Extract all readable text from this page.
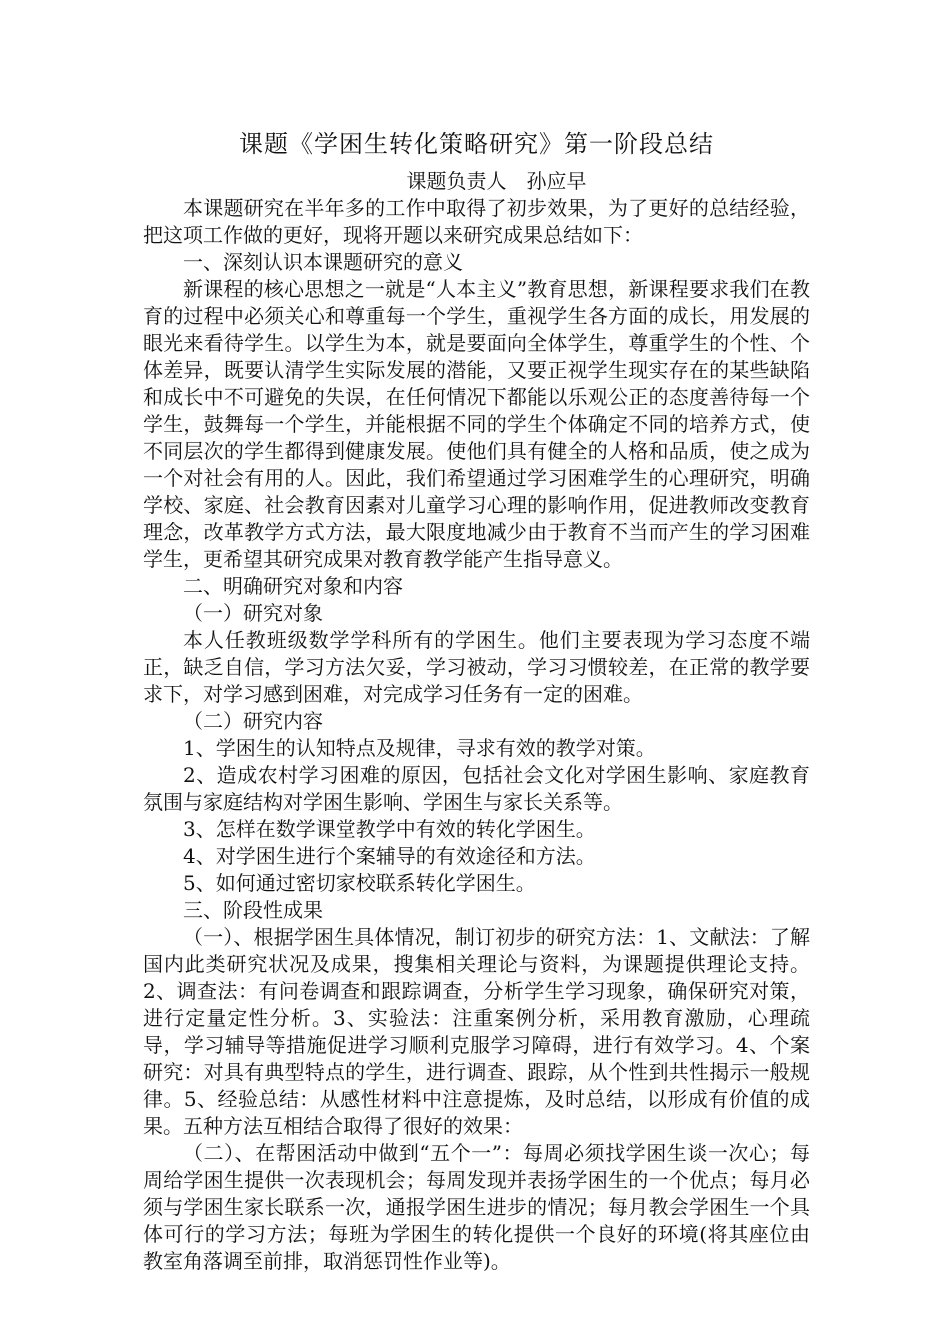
课题《学困生转化策略研究》第一阶段总结
课题负责人　孙应早

本课题研究在半年多的工作中取得了初步效果，为了更好的总结经验，把这项工作做的更好，现将开题以来研究成果总结如下：

一、深刻认识本课题研究的意义

新课程的核心思想之一就是“人本主义”教育思想，新课程要求我们在教育的过程中必须关心和尊重每一个学生，重视学生各方面的成长，用发展的眼光来看待学生。以学生为本，就是要面向全体学生，尊重学生的个性、个体差异，既要认清学生实际发展的潜能，又要正视学生现实存在的某些缺陷和成长中不可避免的失误，在任何情况下都能以乐观公正的态度善待每一个学生，鼓舞每一个学生，并能根据不同的学生个体确定不同的培养方式，使不同层次的学生都得到健康发展。使他们具有健全的人格和品质，使之成为一个对社会有用的人。因此，我们希望通过学习困难学生的心理研究，明确学校、家庭、社会教育因素对儿童学习心理的影响作用，促进教师改变教育理念，改革教学方式方法，最大限度地减少由于教育不当而产生的学习困难学生，更希望其研究成果对教育教学能产生指导意义。

二、明确研究对象和内容

（一）研究对象

本人任教班级数学学科所有的学困生。他们主要表现为学习态度不端正，缺乏自信，学习方法欠妥，学习被动，学习习惯较差，在正常的教学要求下，对学习感到困难，对完成学习任务有一定的困难。

（二）研究内容

1、学困生的认知特点及规律，寻求有效的教学对策。

2、造成农村学习困难的原因，包括社会文化对学困生影响、家庭教育氛围与家庭结构对学困生影响、学困生与家长关系等。

3、怎样在数学课堂教学中有效的转化学困生。

4、对学困生进行个案辅导的有效途径和方法。

5、如何通过密切家校联系转化学困生。

三、阶段性成果

（一）、根据学困生具体情况，制订初步的研究方法：1、文献法：了解国内此类研究状况及成果，搜集相关理论与资料，为课题提供理论支持。2、调查法：有问卷调查和跟踪调查，分析学生学习现象，确保研究对策，进行定量定性分析。3、实验法：注重案例分析，采用教育激励，心理疏导，学习辅导等措施促进学习顺利克服学习障碍，进行有效学习。4、个案研究：对具有典型特点的学生，进行调查、跟踪，从个性到共性揭示一般规律。5、经验总结：从感性材料中注意提炼，及时总结，以形成有价值的成果。五种方法互相结合取得了很好的效果：

（二）、在帮困活动中做到“五个一”：每周必须找学困生谈一次心；每周给学困生提供一次表现机会；每周发现并表扬学困生的一个优点；每月必须与学困生家长联系一次，通报学困生进步的情况；每月教会学困生一个具体可行的学习方法；每班为学困生的转化提供一个良好的环境(将其座位由教室角落调至前排，取消惩罚性作业等)。
